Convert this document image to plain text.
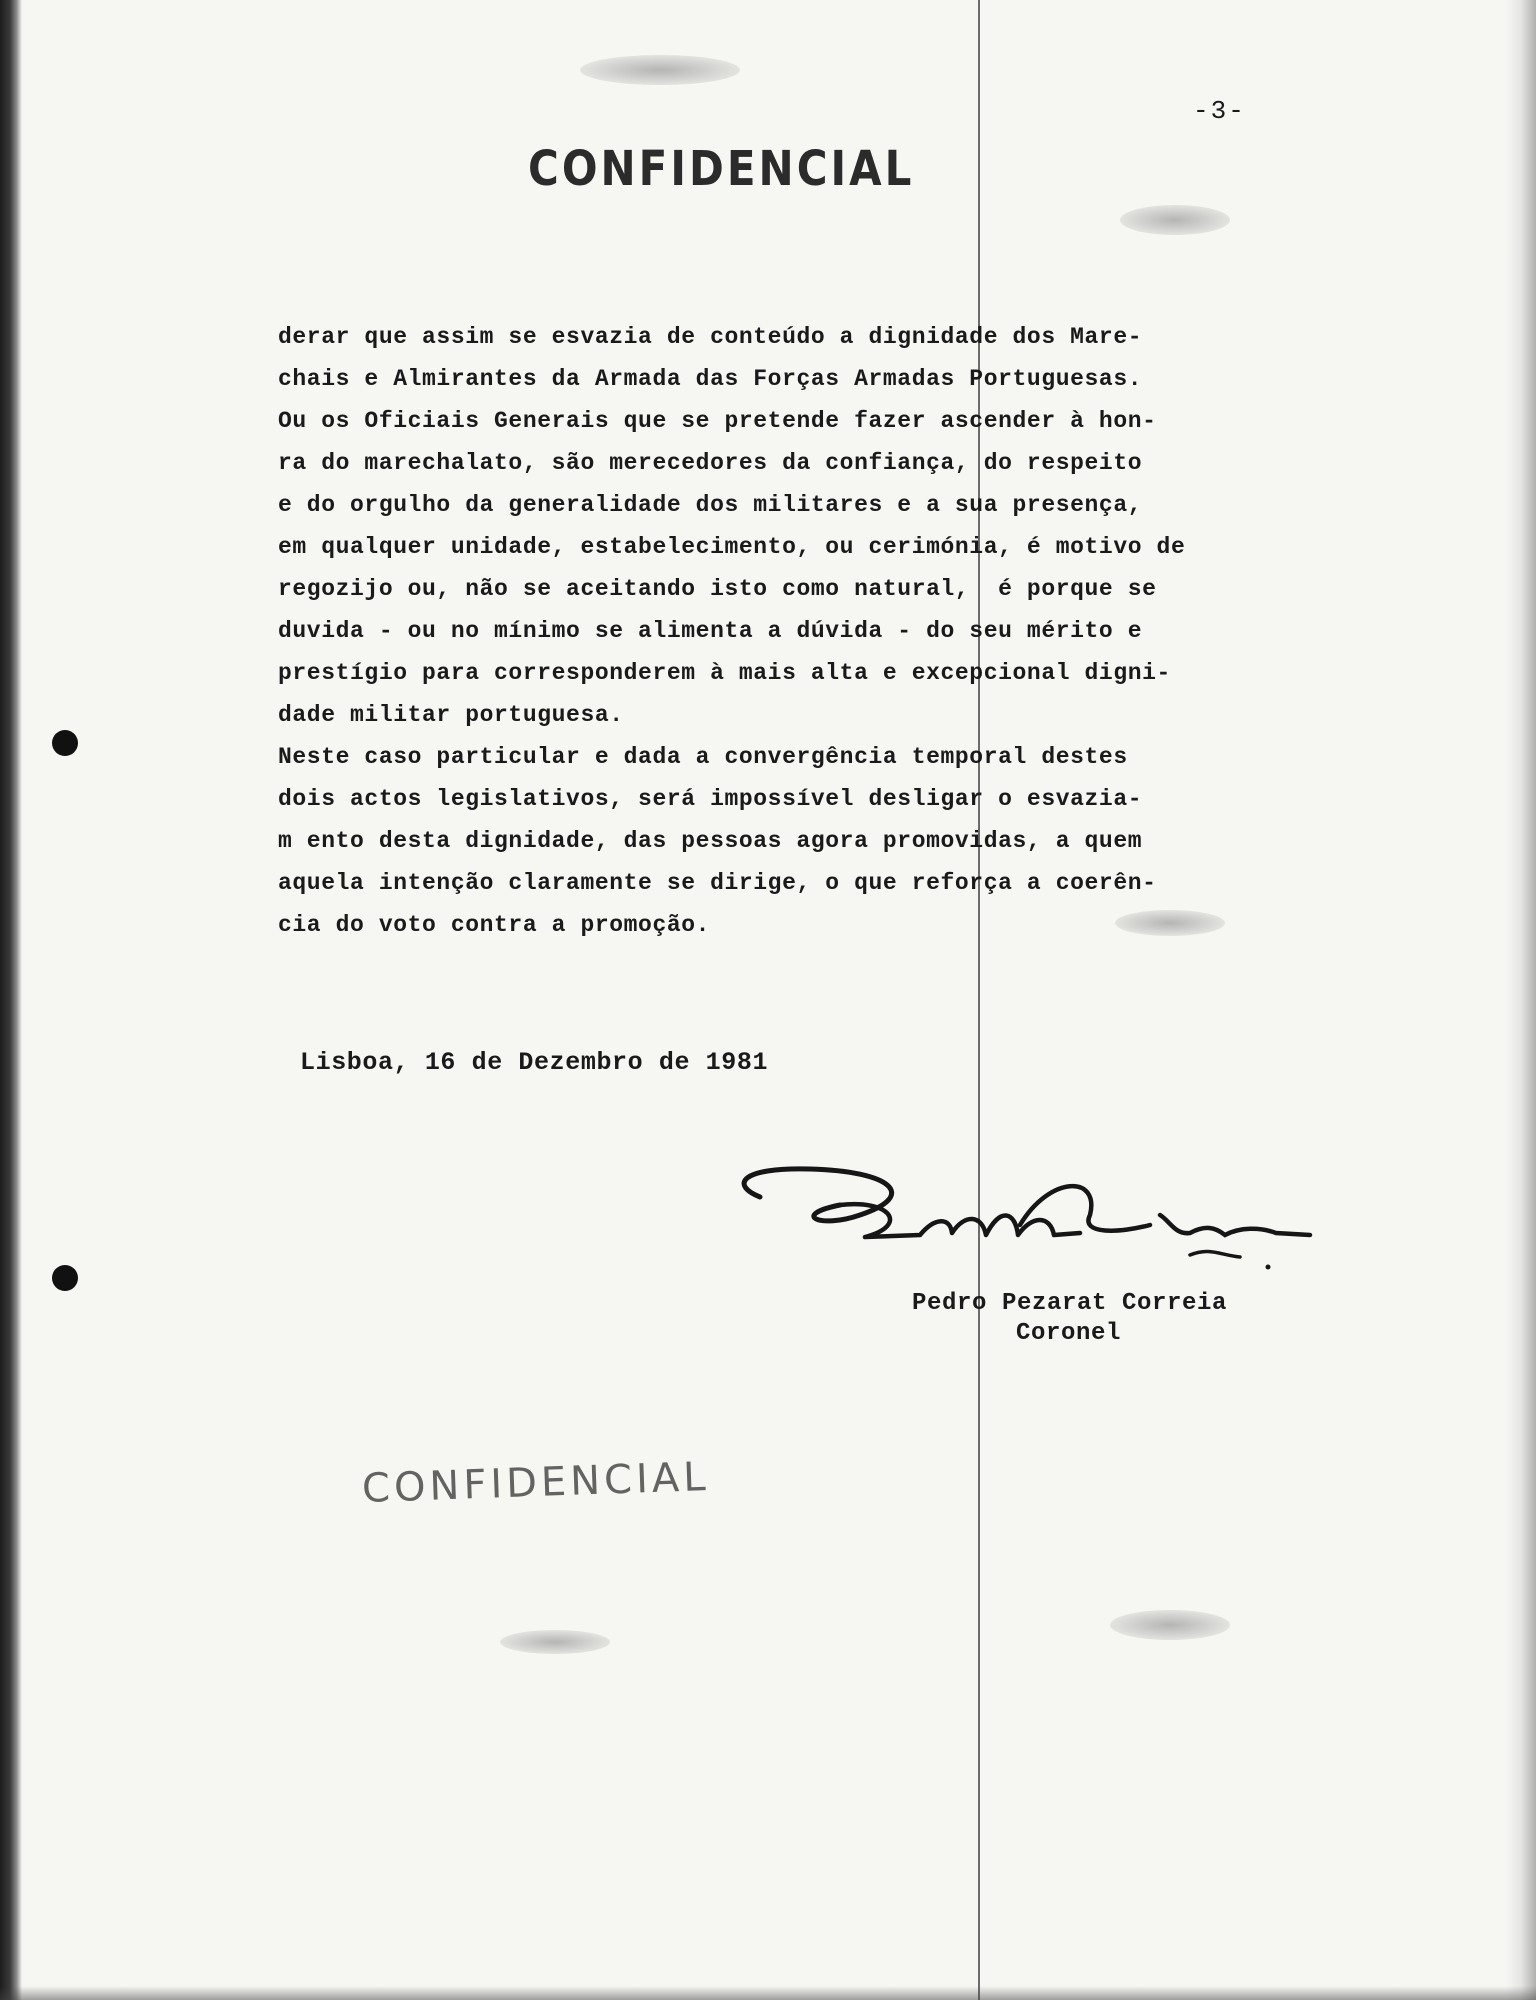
-3-
CONFIDENCIAL
derar que assim se esvazia de conteúdo a dignidade dos Mare-
chais e Almirantes da Armada das Forças Armadas Portuguesas.
Ou os Oficiais Generais que se pretende fazer ascender à hon-
ra do marechalato, são merecedores da confiança, do respeito
e do orgulho da generalidade dos militares e a sua presença,
em qualquer unidade, estabelecimento, ou cerimónia, é motivo de
regozijo ou, não se aceitando isto como natural,  é porque se
duvida - ou no mínimo se alimenta a dúvida - do seu mérito e
prestígio para corresponderem à mais alta e excepcional digni-
dade militar portuguesa.
Neste caso particular e dada a convergência temporal destes
dois actos legislativos, será impossível desligar o esvazia-
m ento desta dignidade, das pessoas agora promovidas, a quem
aquela intenção claramente se dirige, o que reforça a coerên-
cia do voto contra a promoção.
Lisboa, 16 de Dezembro de 1981
Pedro Pezarat Correia
Coronel
CONFIDENCIAL
